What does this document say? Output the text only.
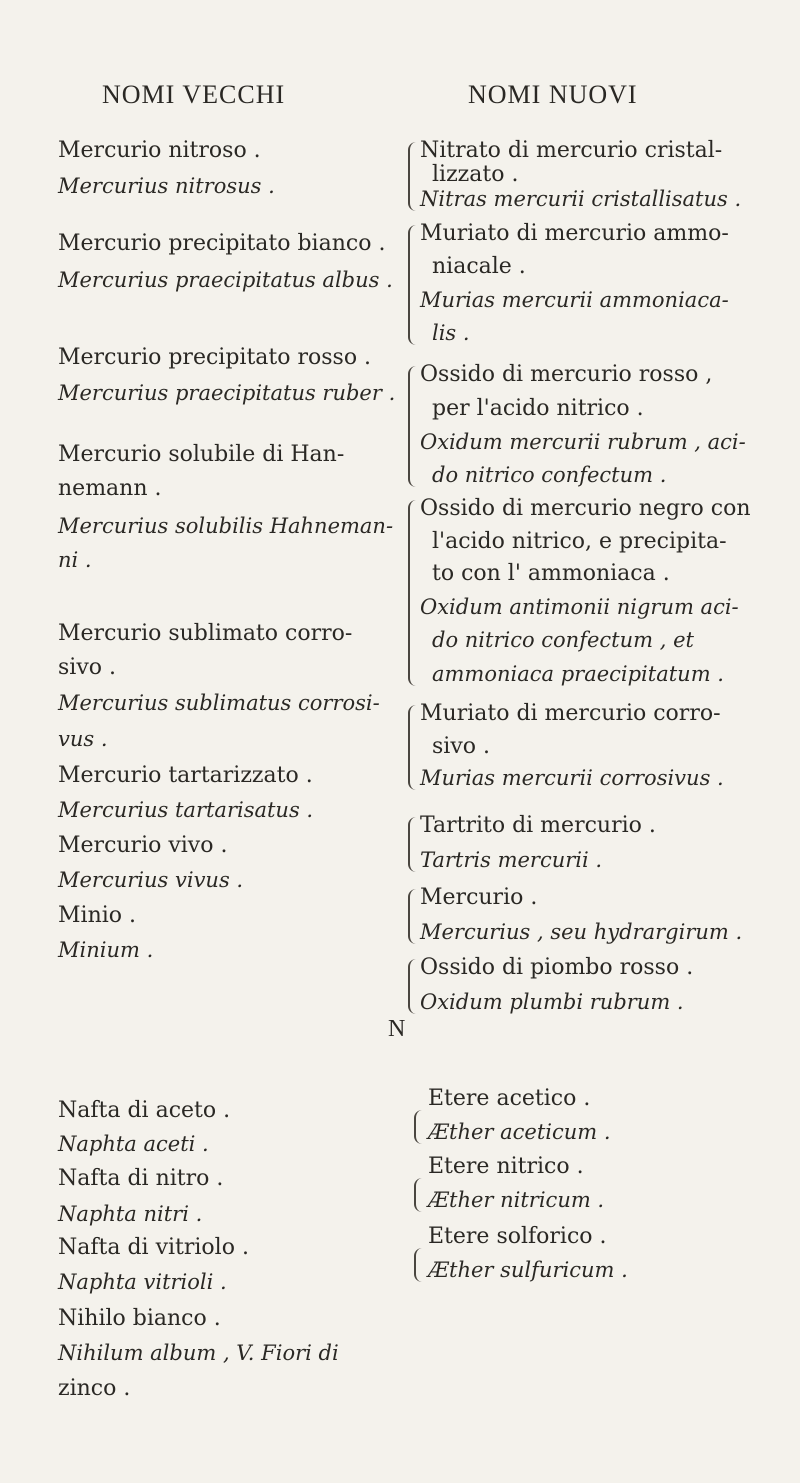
NOMI VECCHI	NOMI NUOVI
Mercurio nitroso .
Mercurius nitrosus .
Mercurio precipitato bianco .
Mercurius praecipitatus albus .
Mercurio precipitato rosso .
Mercurius praecipitatus ruber .
Mercurio solubile di Han-
nemann .
Mercurius solubilis Hahneman-
ni .
Mercurio sublimato corro-
sivo .
Mercurius sublimatus corrosi-
vus .
Mercurio tartarizzato .
Mercurius tartarisatus .
Mercurio vivo .
Mercurius vivus .
Minio .
Minium .
Nitrato di mercurio cristal-
lizzato .
Nitras mercurii cristallisatus .
Muriato di mercurio ammo-
niacale .
Murias mercurii ammoniaca-
lis .
Ossido di mercurio rosso ,
per l'acido nitrico .
Oxidum mercurii rubrum , aci-
do nitrico confectum .
Ossido di mercurio negro con
l'acido nitrico, e precipita-
to con l' ammoniaca .
Oxidum antimonii nigrum aci-
do nitrico confectum , et
ammoniaca praecipitatum .
Muriato di mercurio corro-
sivo .
Murias mercurii corrosivus .
Tartrito di mercurio .
Tartris mercurii .
Mercurio .
Mercurius , seu hydrargirum .
Ossido di piombo rosso .
Oxidum plumbi rubrum .
N
Nafta di aceto .
Naphta aceti .
Nafta di nitro .
Naphta nitri .
Nafta di vitriolo .
Naphta vitrioli .
Nihilo bianco .
Nihilum album , V. Fiori di
zinco .
Etere acetico .
Æther aceticum .
Etere nitrico .
Æther nitricum .
Etere solforico .
Æther sulfuricum .
